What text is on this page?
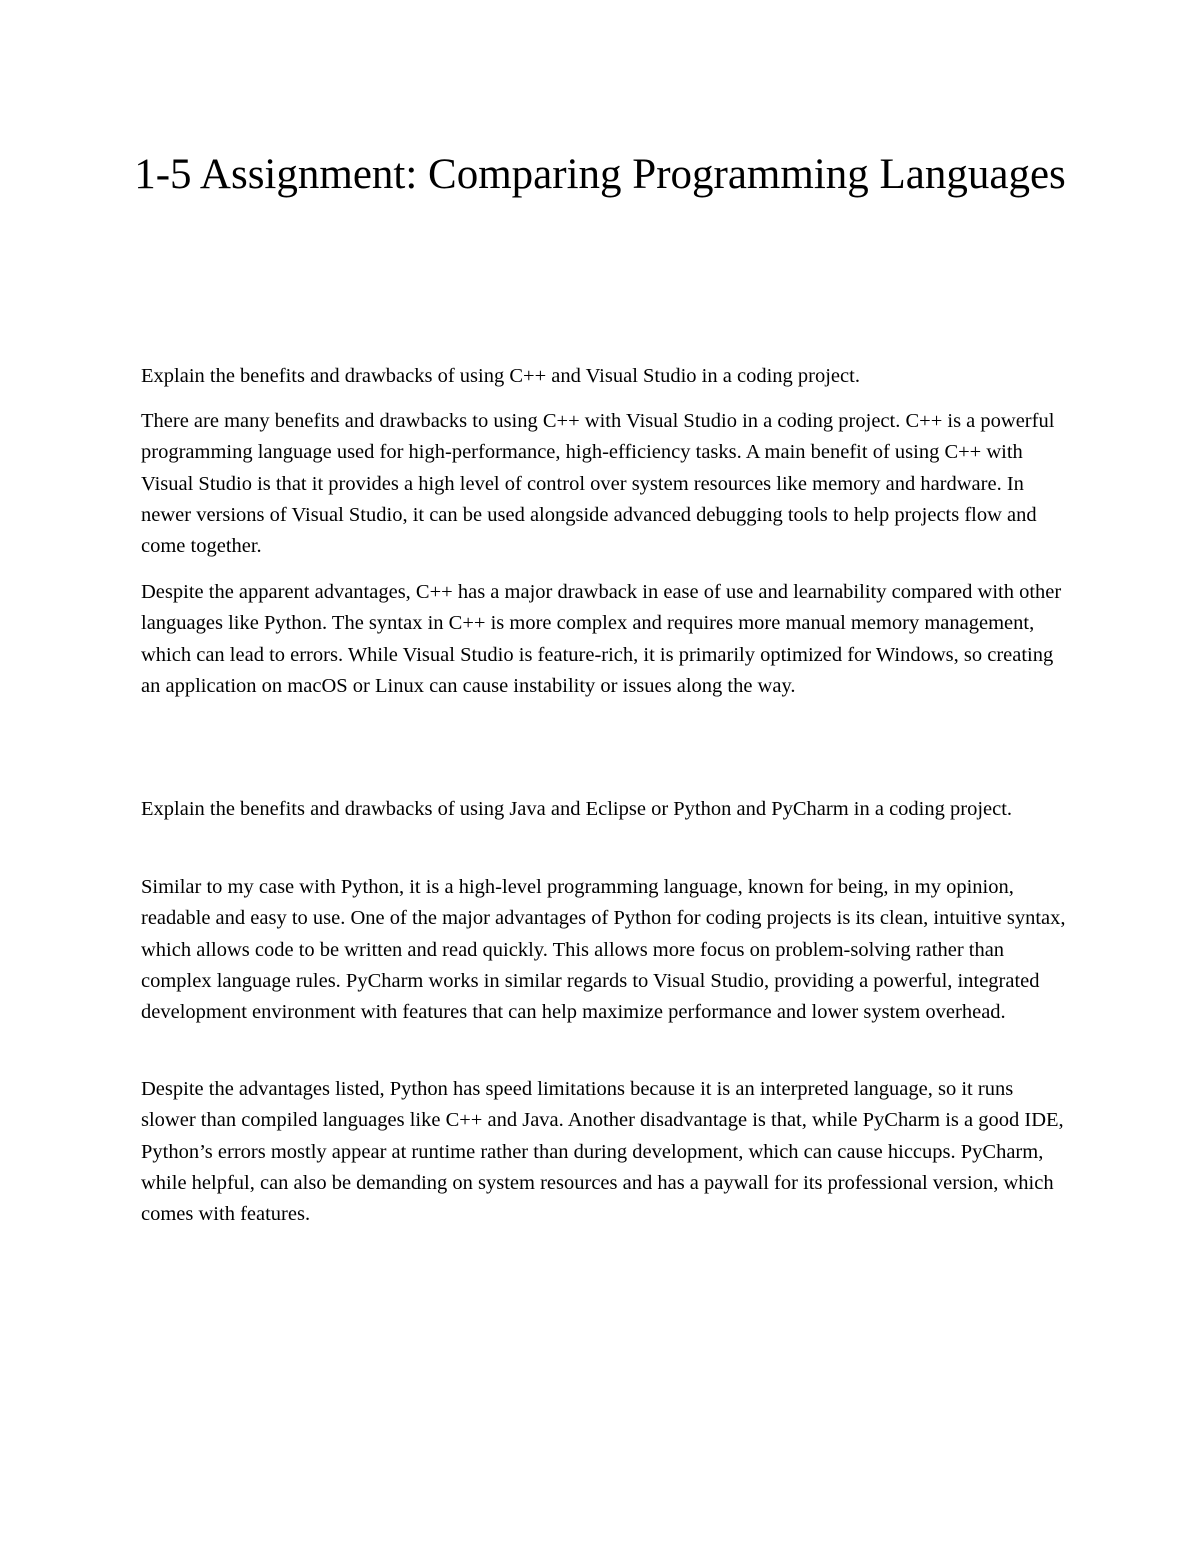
1-5 Assignment: Comparing Programming Languages

Explain the benefits and drawbacks of using C++ and Visual Studio in a coding project.

There are many benefits and drawbacks to using C++ with Visual Studio in a coding project. C++ is a powerful programming language used for high-performance, high-efficiency tasks. A main benefit of using C++ with Visual Studio is that it provides a high level of control over system resources like memory and hardware. In newer versions of Visual Studio, it can be used alongside advanced debugging tools to help projects flow and come together.

Despite the apparent advantages, C++ has a major drawback in ease of use and learnability compared with other languages like Python. The syntax in C++ is more complex and requires more manual memory management, which can lead to errors. While Visual Studio is feature-rich, it is primarily optimized for Windows, so creating an application on macOS or Linux can cause instability or issues along the way.

Explain the benefits and drawbacks of using Java and Eclipse or Python and PyCharm in a coding project.

Similar to my case with Python, it is a high-level programming language, known for being, in my opinion, readable and easy to use. One of the major advantages of Python for coding projects is its clean, intuitive syntax, which allows code to be written and read quickly. This allows more focus on problem-solving rather than complex language rules. PyCharm works in similar regards to Visual Studio, providing a powerful, integrated development environment with features that can help maximize performance and lower system overhead.

Despite the advantages listed, Python has speed limitations because it is an interpreted language, so it runs slower than compiled languages like C++ and Java. Another disadvantage is that, while PyCharm is a good IDE, Python’s errors mostly appear at runtime rather than during development, which can cause hiccups. PyCharm, while helpful, can also be demanding on system resources and has a paywall for its professional version, which comes with features.
